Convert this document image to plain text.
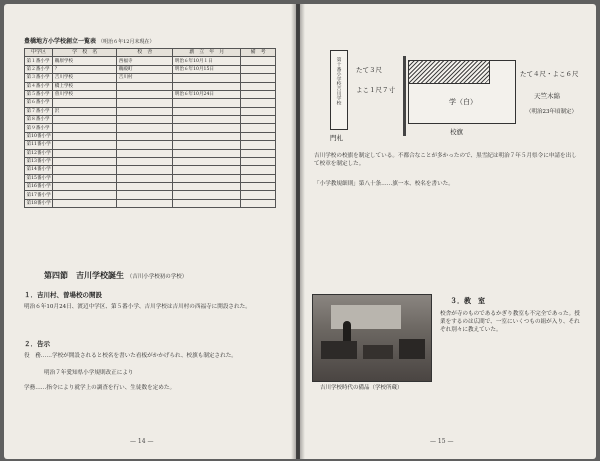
豊橋地方小学校創立一覧表 （明治６年12月末現在）
中学区	学　校　名	校　舎	創　立　年　月	備　考
第１番小学	鵜原学校	西福寺	明治６年10月１日	
第２番小学	？	鵜殿町	明治６年10月15日	
第３番小学	吉川学校	吉川村		
第４番小学	橋上学校			
第５番小学	曽川学校		明治６年10月24日	
第６番小学				
第７番小学	沢			
第８番小学				
第９番小学				
第10番小学				
第11番小学				
第12番小学				
第13番小学				
第14番小学				
第15番小学				
第16番小学				
第17番小学				
第18番小学				
第四節　吉川学校誕生 （吉川小学校初の学校）
１．吉川村、曽場校の開設
明治６年10月24日、渡辺中学区、第５番小学、吉川学校は吉川村の西福寺に開設された。
２．告示
役　務……学校が開設されると校名を書いた看板がかかげられ、校旗も制定された。
明治７年愛知県小学規則改正により
学務……指令により就学上の調査を行い、生徒数を定めた。
— 14 —
第十番小学校吉川学校
門札
たて３尺
よこ１尺７寸
学（白）
校旗
たて４尺・よこ６尺
天竺木綿
（明治23年頃制定）
吉川学校の校旗を制定している。不都合なことが多かったので、黒雪紀は明治７年５月県令に申請を出して校章を制定した。
「小学教規細則」第八十条……旗一本、校名を書いた。
吉川学校時代の備品（学校所蔵）
３．教　室
校舎が寺のものであるかぎり教室も不完全であった。授業をするのは広間で、一室にいくつもの組が入り、それぞれ別々に教えていた。
— 15 —
